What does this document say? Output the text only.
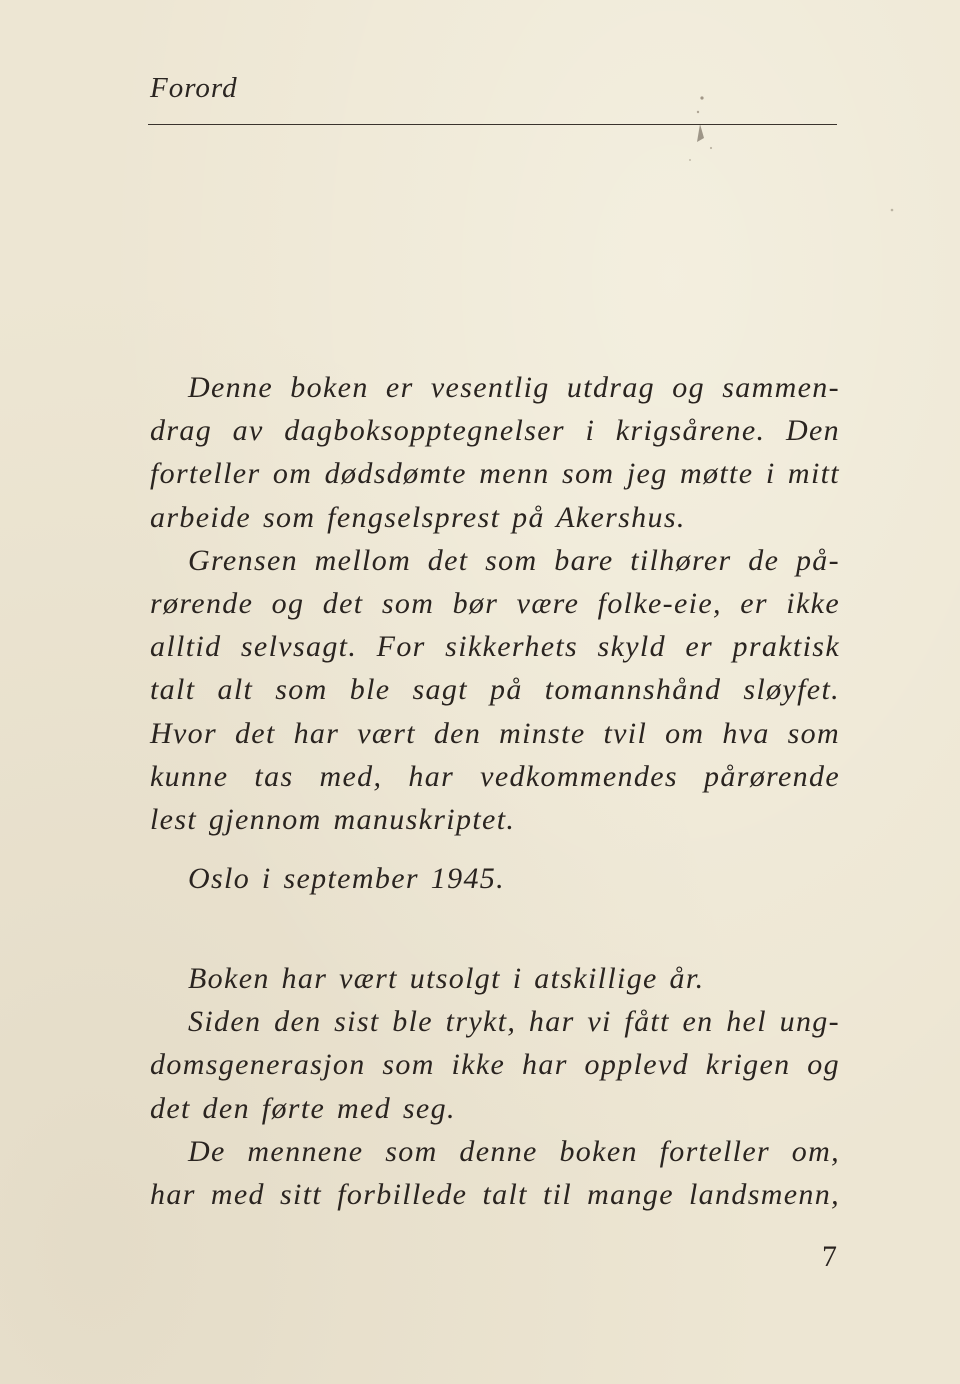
Forord
Denne boken er vesentlig utdrag og sammen-
drag av dagboksopptegnelser i krigsårene. Den
forteller om dødsdømte menn som jeg møtte i mitt
arbeide som fengselsprest på Akershus.
Grensen mellom det som bare tilhører de på-
rørende og det som bør være folke-eie, er ikke
alltid selvsagt. For sikkerhets skyld er praktisk
talt alt som ble sagt på tomannshånd sløyfet.
Hvor det har vært den minste tvil om hva som
kunne tas med, har vedkommendes pårørende
lest gjennom manuskriptet.
Oslo i september 1945.
Boken har vært utsolgt i atskillige år.
Siden den sist ble trykt, har vi fått en hel ung-
domsgenerasjon som ikke har opplevd krigen og
det den førte med seg.
De mennene som denne boken forteller om,
har med sitt forbillede talt til mange landsmenn,
7
